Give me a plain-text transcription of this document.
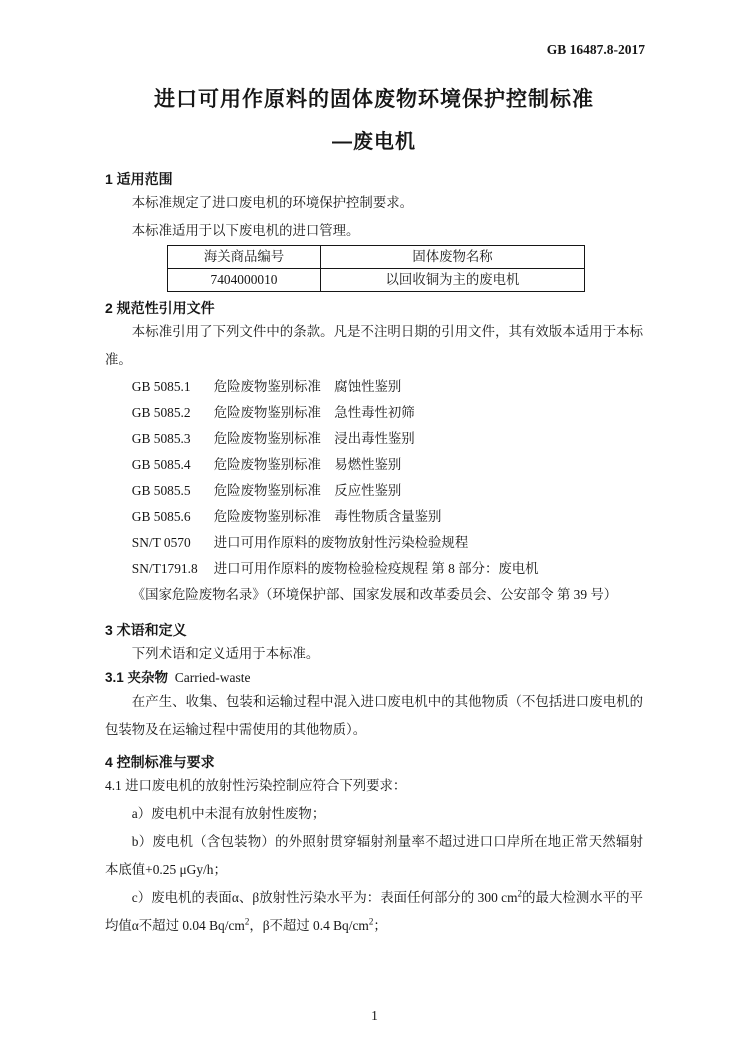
GB 16487.8-2017
进口可用作原料的固体废物环境保护控制标准
—废电机
1 适用范围

本标准规定了进口废电机的环境保护控制要求。

本标准适用于以下废电机的进口管理。

海关商品编号	固体废物名称
7404000010	以回收铜为主的废电机
2 规范性引用文件

本标准引用了下列文件中的条款。凡是不注明日期的引用文件，其有效版本适用于本标准。

GB 5085.1 危险废物鉴别标准　腐蚀性鉴别
GB 5085.2 危险废物鉴别标准　急性毒性初筛
GB 5085.3 危险废物鉴别标准　浸出毒性鉴别
GB 5085.4 危险废物鉴别标准　易燃性鉴别
GB 5085.5 危险废物鉴别标准　反应性鉴别
GB 5085.6 危险废物鉴别标准　毒性物质含量鉴别
SN/T 0570 进口可用作原料的废物放射性污染检验规程
SN/T1791.8 进口可用作原料的废物检验检疫规程 第 8 部分：废电机
《国家危险废物名录》（环境保护部、国家发展和改革委员会、公安部令 第 39 号）
3 术语和定义

下列术语和定义适用于本标准。

3.1 夹杂物 Carried-waste

在产生、收集、包装和运输过程中混入进口废电机中的其他物质（不包括进口废电机的包装物及在运输过程中需使用的其他物质）。

4 控制标准与要求

4.1 进口废电机的放射性污染控制应符合下列要求：

a）废电机中未混有放射性废物；

b）废电机（含包装物）的外照射贯穿辐射剂量率不超过进口口岸所在地正常天然辐射本底值+0.25 μGy/h；

c）废电机的表面α、β放射性污染水平为：表面任何部分的 300 $cm^2$的最大检测水平的平均值α不超过 0.04 $Bq/cm^2$，β不超过 0.4 $Bq/cm^2$；

1
